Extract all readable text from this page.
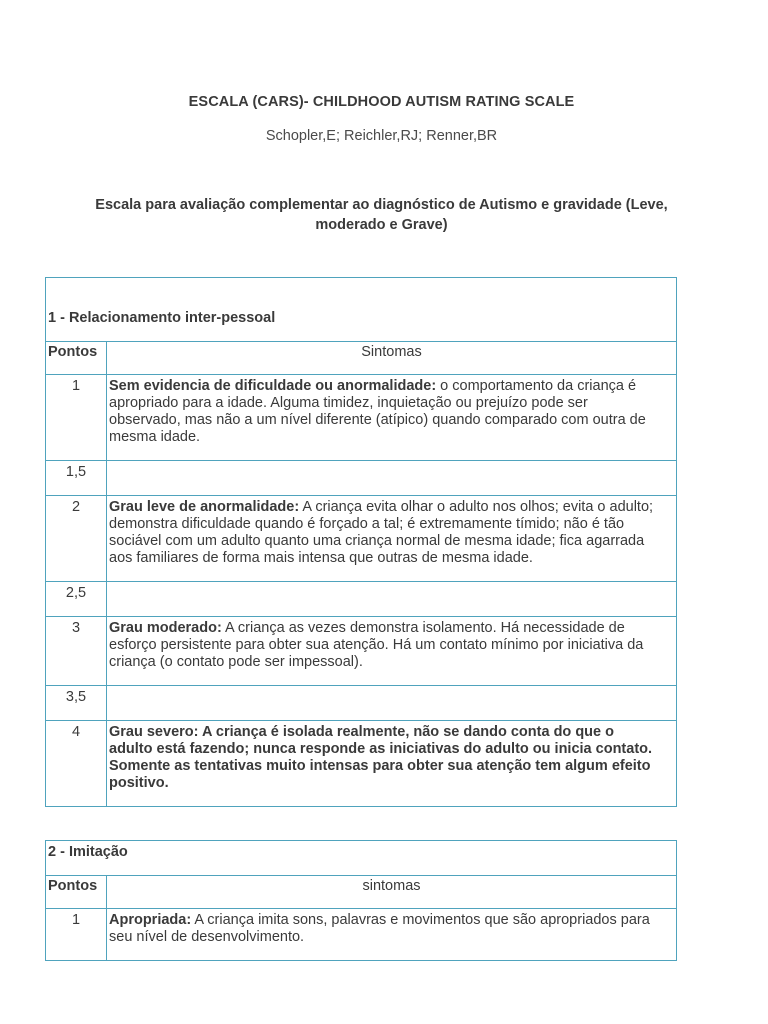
ESCALA (CARS)- CHILDHOOD AUTISM RATING SCALE
Schopler,E; Reichler,RJ; Renner,BR
Escala para avaliação complementar ao diagnóstico de Autismo e gravidade (Leve, moderado e Grave)
1 - Relacionamento inter-pessoal	
Pontos	Sintomas
1	Sem evidencia de dificuldade ou anormalidade: o comportamento da criança é apropriado para a idade. Alguma timidez, inquietação ou prejuízo pode ser observado, mas não a um nível diferente (atípico) quando comparado com outra de mesma idade.
1,5	
2	Grau leve de anormalidade: A criança evita olhar o adulto nos olhos; evita o adulto; demonstra dificuldade quando é forçado a tal; é extremamente tímido; não é tão sociável com um adulto quanto uma criança normal de mesma idade; fica agarrada aos familiares de forma mais intensa que outras de mesma idade.
2,5	
3	Grau moderado: A criança as vezes demonstra isolamento. Há necessidade de esforço persistente para obter sua atenção. Há um contato mínimo por iniciativa da criança (o contato pode ser impessoal).
3,5	
4	Grau severo: A criança é isolada realmente, não se dando conta do que o adulto está fazendo; nunca responde as iniciativas do adulto ou inicia contato. Somente as tentativas muito intensas para obter sua atenção tem algum efeito positivo.
2 - Imitação	
Pontos	sintomas
1	Apropriada: A criança imita sons, palavras e movimentos que são apropriados para seu nível de desenvolvimento.
